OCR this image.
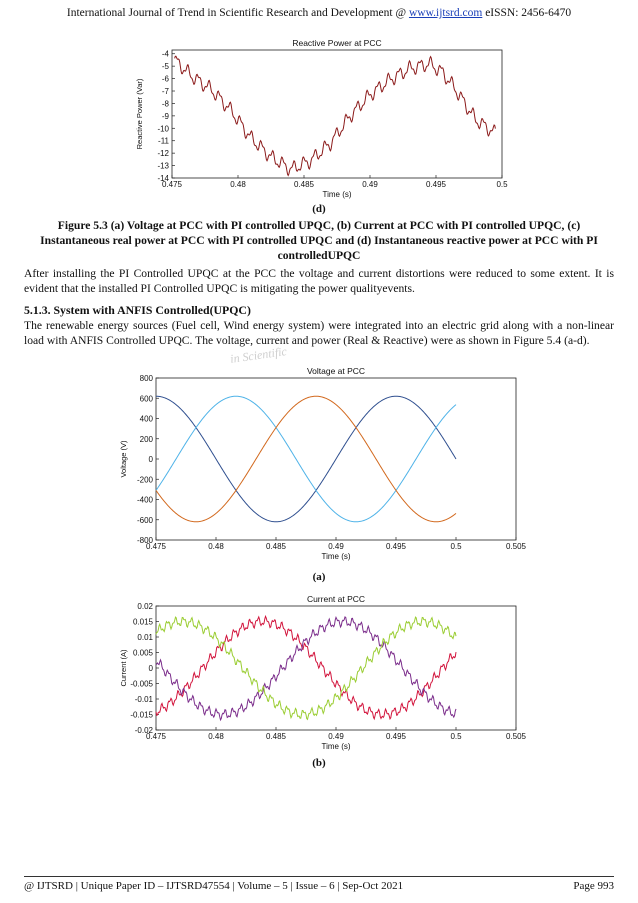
International Journal of Trend in Scientific Research and Development @ www.ijtsrd.com eISSN: 2456-6470
Reactive Power at PCC
0.475	0.48	0.485	0.49	0.495	0.5
-4
-5
-6
-7
-8
-9
-10
-11
-12
-13
-14
Time (s)
Reactive Power (Var)
(d)
Figure 5.3 (a) Voltage at PCC with PI controlled UPQC, (b) Current at PCC with PI controlled UPQC, (c) Instantaneous real power at PCC with PI controlled UPQC and (d) Instantaneous reactive power at PCC with PI controlledUPQC
After installing the PI Controlled UPQC at the PCC the voltage and current distortions were reduced to some extent. It is evident that the installed PI Controlled UPQC is mitigating the power qualityevents.
5.1.3. System with ANFIS Controlled(UPQC)
The renewable energy sources (Fuel cell, Wind energy system) were integrated into an electric grid along with a non-linear load with ANFIS Controlled UPQC. The voltage, current and power (Real & Reactive) were as shown in Figure 5.4 (a-d).
Voltage at PCC
0.475	0.48	0.485	0.49	0.495	0.5	0.505
800
600
400
200
0
-200
-400
-600
-800
Time (s)
Voltage (V)
in Scientific
(a)
Current at PCC
0.475	0.48	0.485	0.49	0.495	0.5	0.505
0.02
0.015
0.01
0.005
0
-0.005
-0.01
-0.015
-0.02
Time (s)
Current (A)
(b)
@ IJTSRD | Unique Paper ID – IJTSRD47554 | Volume – 5 | Issue – 6 | Sep-Oct 2021	Page 993
